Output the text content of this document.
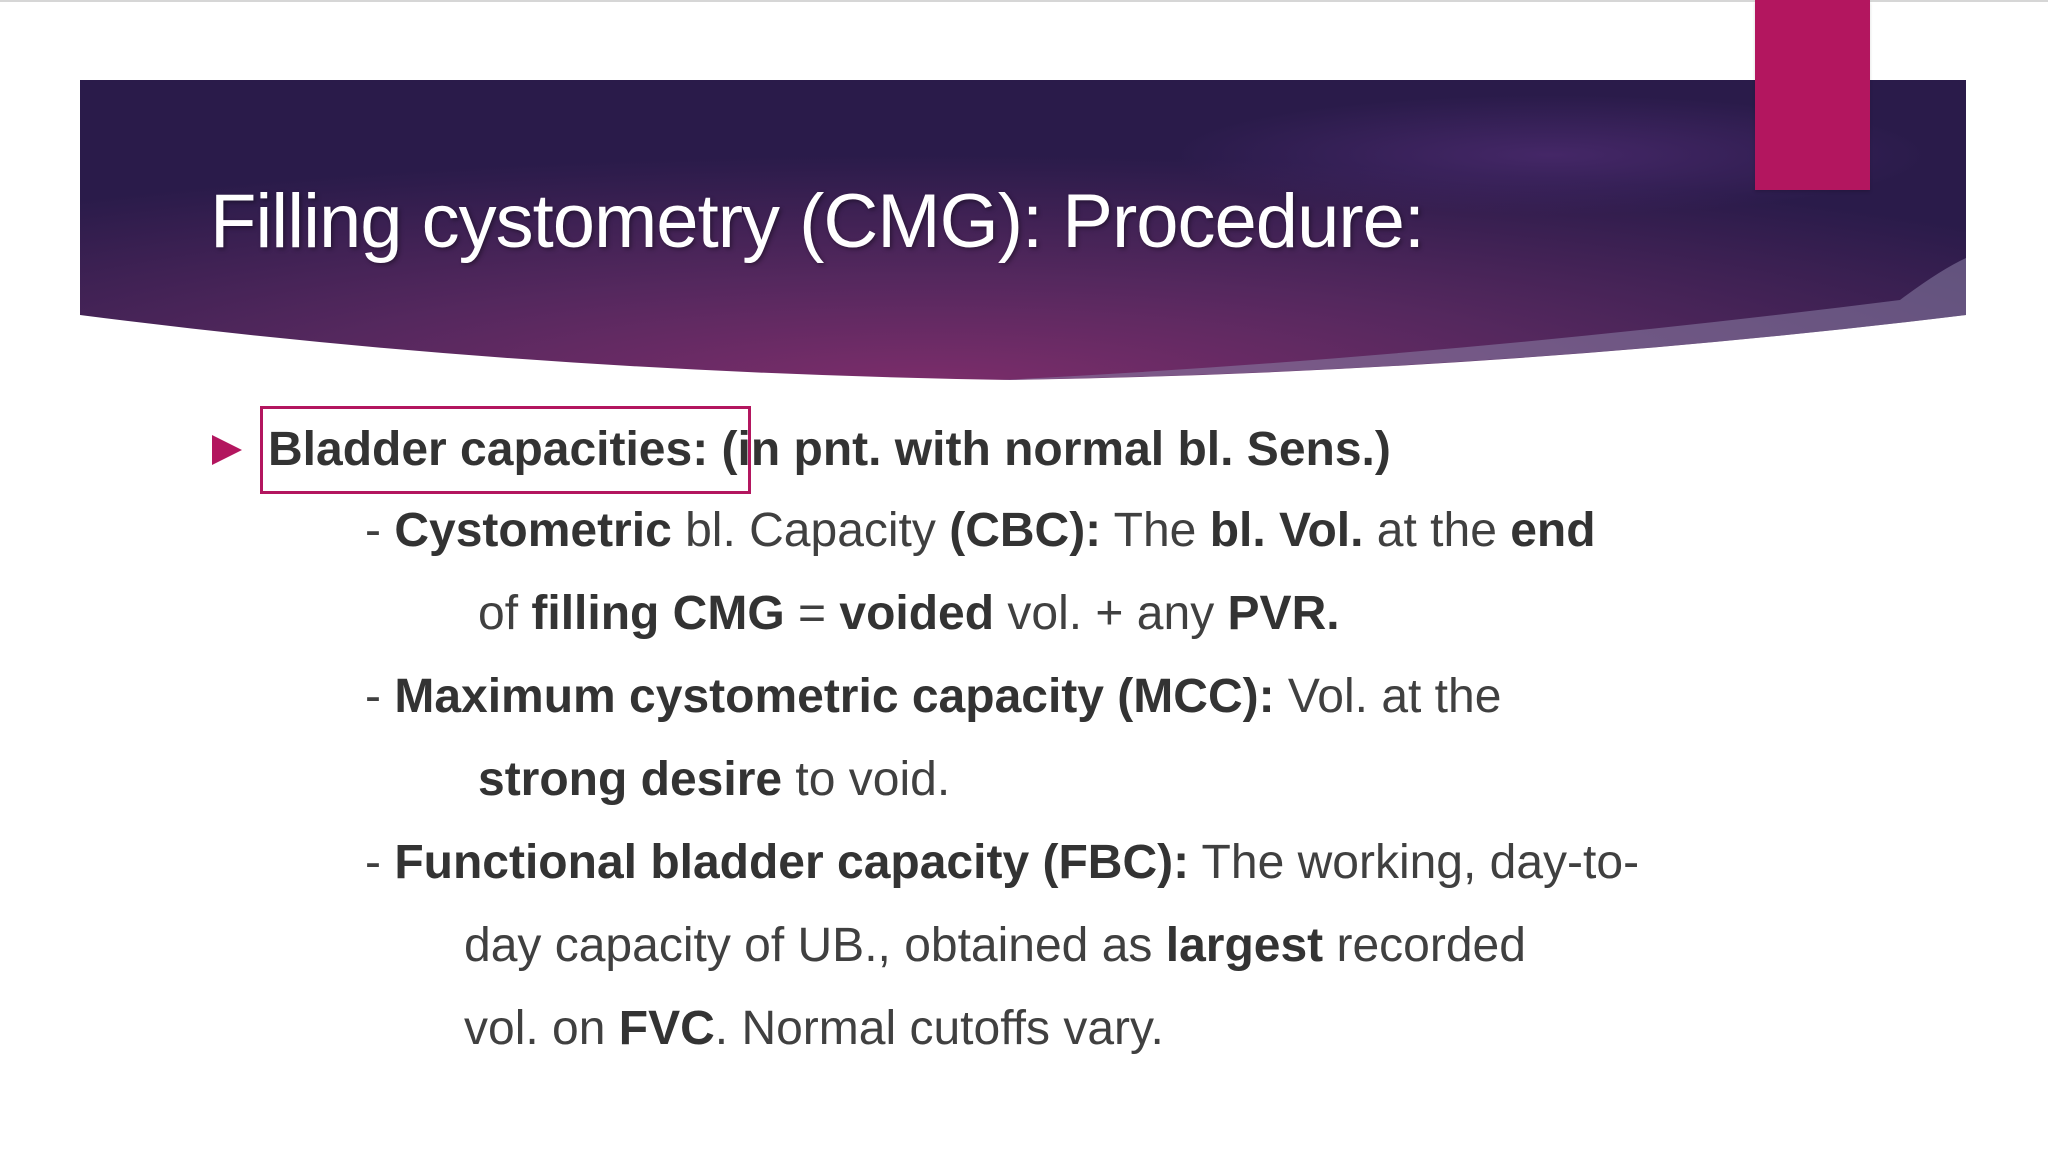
Filling cystometry (CMG): Procedure:
Bladder capacities: (in pnt. with normal bl. Sens.)
- Cystometric bl. Capacity (CBC): The bl. Vol. at the end
of filling CMG = voided vol. + any PVR.
- Maximum cystometric capacity (MCC): Vol. at the
strong desire to void.
- Functional bladder capacity (FBC): The working, day-to-
day capacity of UB., obtained as largest recorded
vol. on FVC. Normal cutoffs vary.
